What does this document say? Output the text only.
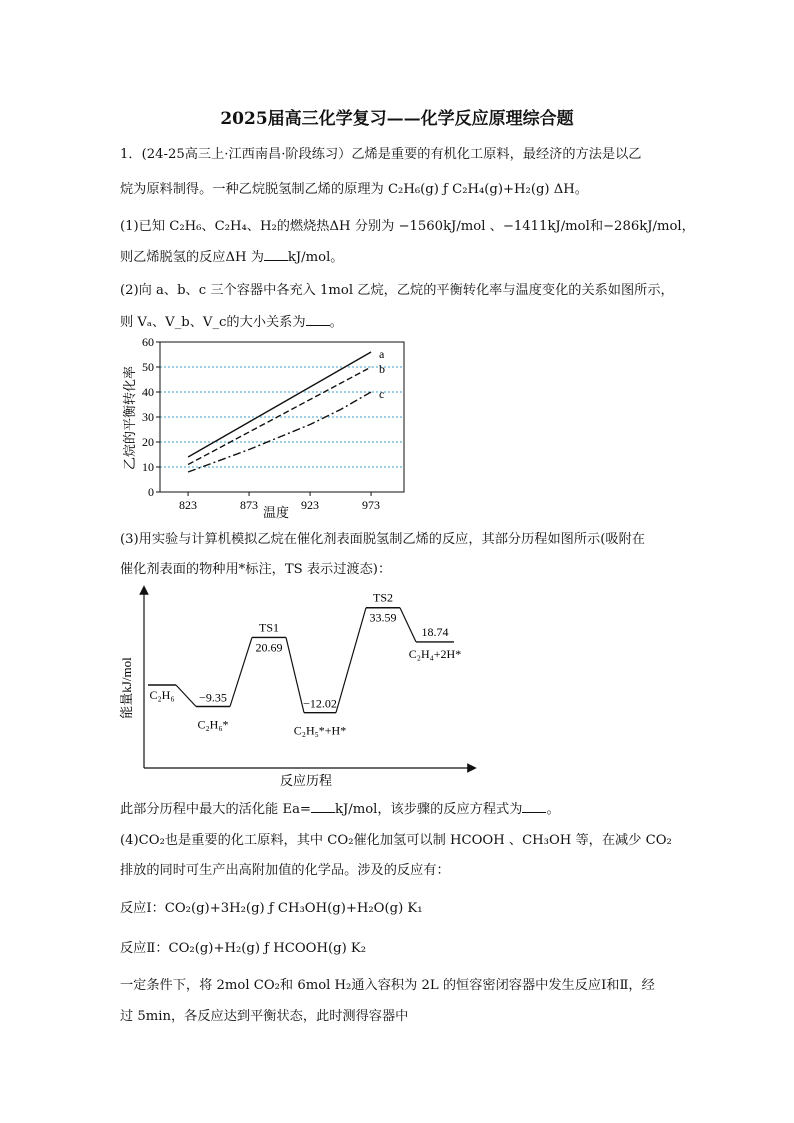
2025届高三化学复习——化学反应原理综合题
1．(24-25高三上·江西南昌·阶段练习）乙烯是重要的有机化工原料，最经济的方法是以乙
烷为原料制得。一种乙烷脱氢制乙烯的原理为 C₂H₆(g) ƒ C₂H₄(g)+H₂(g) ΔH。
(1)已知 C₂H₆、C₂H₄、H₂的燃烧热ΔH 分别为 −1560kJ/mol 、−1411kJ/mol和−286kJ/mol，
则乙烯脱氢的反应ΔH 为 kJ/mol。
(2)向 a、b、c 三个容器中各充入 1mol 乙烷，乙烷的平衡转化率与温度变化的关系如图所示，
则 Vₐ、V_b、V_c的大小关系为 。
0
10
20
30
40
50
60
823	873	923	973
a
b
c
温度
乙烷的平衡转化率
(3)用实验与计算机模拟乙烷在催化剂表面脱氢制乙烯的反应，其部分历程如图所示(吸附在
催化剂表面的物种用*标注，TS 表示过渡态)：
C₂H₆
C₂H₆*
−9.35
TS1
20.69
C₂H₅*+H*
−12.02
TS2
33.59
C₂H₄+2H*
18.74
能量kJ/mol
反应历程
此部分历程中最大的活化能 Ea= kJ/mol，该步骤的反应方程式为 。
(4)CO₂也是重要的化工原料，其中 CO₂催化加氢可以制 HCOOH 、CH₃OH 等，在减少 CO₂
排放的同时可生产出高附加值的化学品。涉及的反应有：
反应Ⅰ：CO₂(g)+3H₂(g) ƒ CH₃OH(g)+H₂O(g) K₁
反应Ⅱ：CO₂(g)+H₂(g) ƒ HCOOH(g) K₂
一定条件下，将 2mol CO₂和 6mol H₂通入容积为 2L 的恒容密闭容器中发生反应Ⅰ和Ⅱ，经
过 5min，各反应达到平衡状态，此时测得容器中
